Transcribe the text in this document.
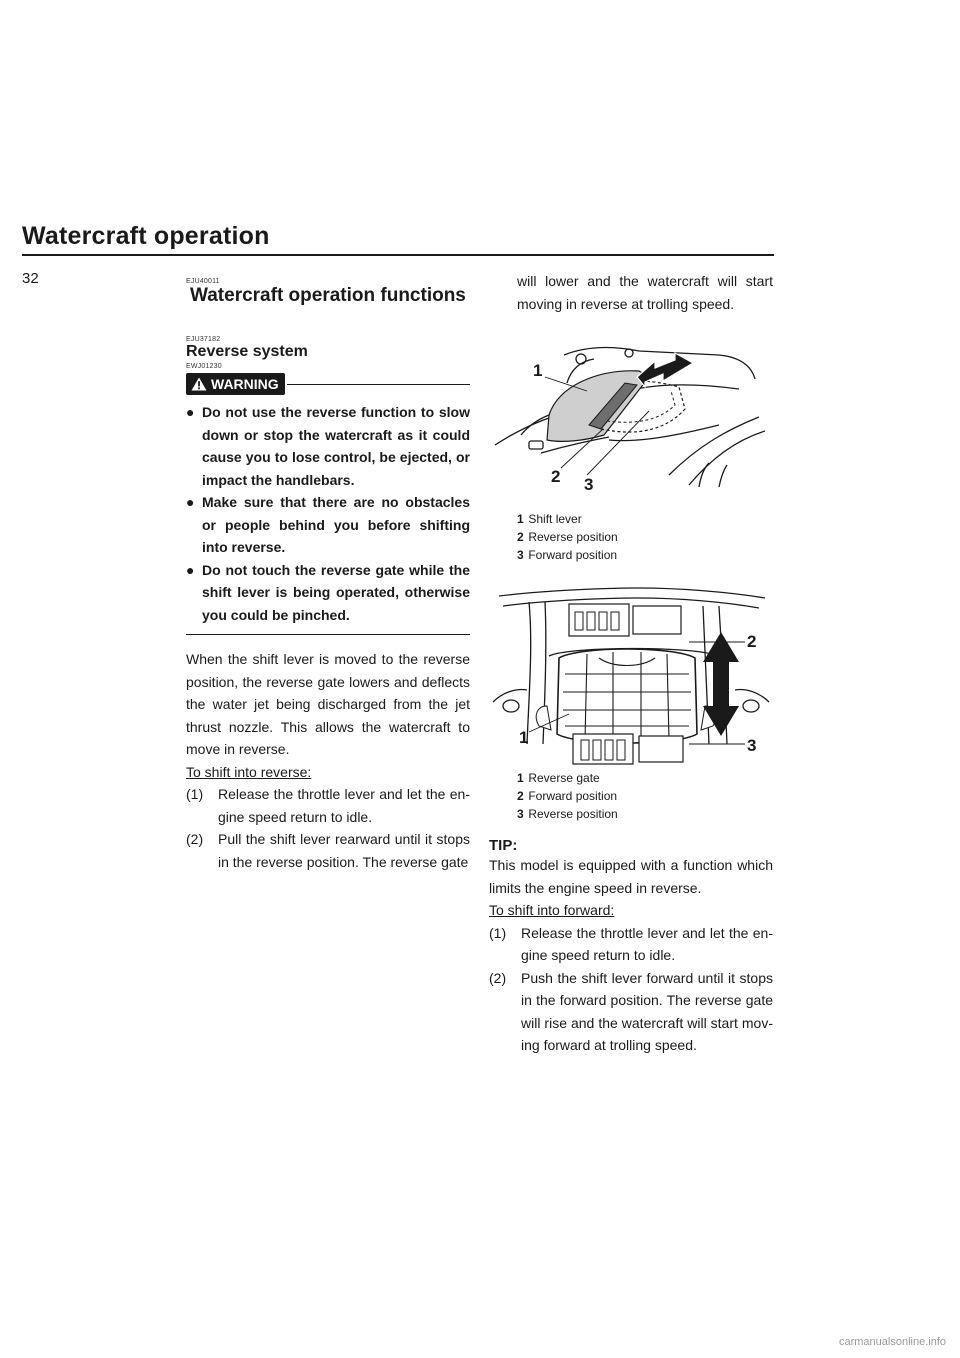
Watercraft operation
32	EJU40011
Watercraft operation functions
EJU37182
Reverse system
EWJ01230
WARNING
● Do not use the reverse function to slow down or stop the watercraft as it could cause you to lose control, be ejected, or impact the handlebars.
● Make sure that there are no obstacles or people behind you before shifting into reverse.
● Do not touch the reverse gate while the shift lever is being operated, otherwise you could be pinched.

When the shift lever is moved to the reverse position, the reverse gate lowers and deflects the water jet being discharged from the jet thrust nozzle. This allows the watercraft to move in reverse.

To shift into reverse:

(1) Release the throttle lever and let the en-gine speed return to idle.
(2) Pull the shift lever rearward until it stops in the reverse position. The reverse gate

will lower and the watercraft will start moving in reverse at trolling speed.

1
2 3
1 Shift lever
2 Reverse position
3 Forward position
1
2
3
1 Reverse gate
2 Forward position
3 Reverse position

TIP:

This model is equipped with a function which limits the engine speed in reverse.

To shift into forward:

(1) Release the throttle lever and let the en-gine speed return to idle.
(2) Push the shift lever forward until it stops in the forward position. The reverse gate will rise and the watercraft will start mov-ing forward at trolling speed.
carmanualsonline.info
